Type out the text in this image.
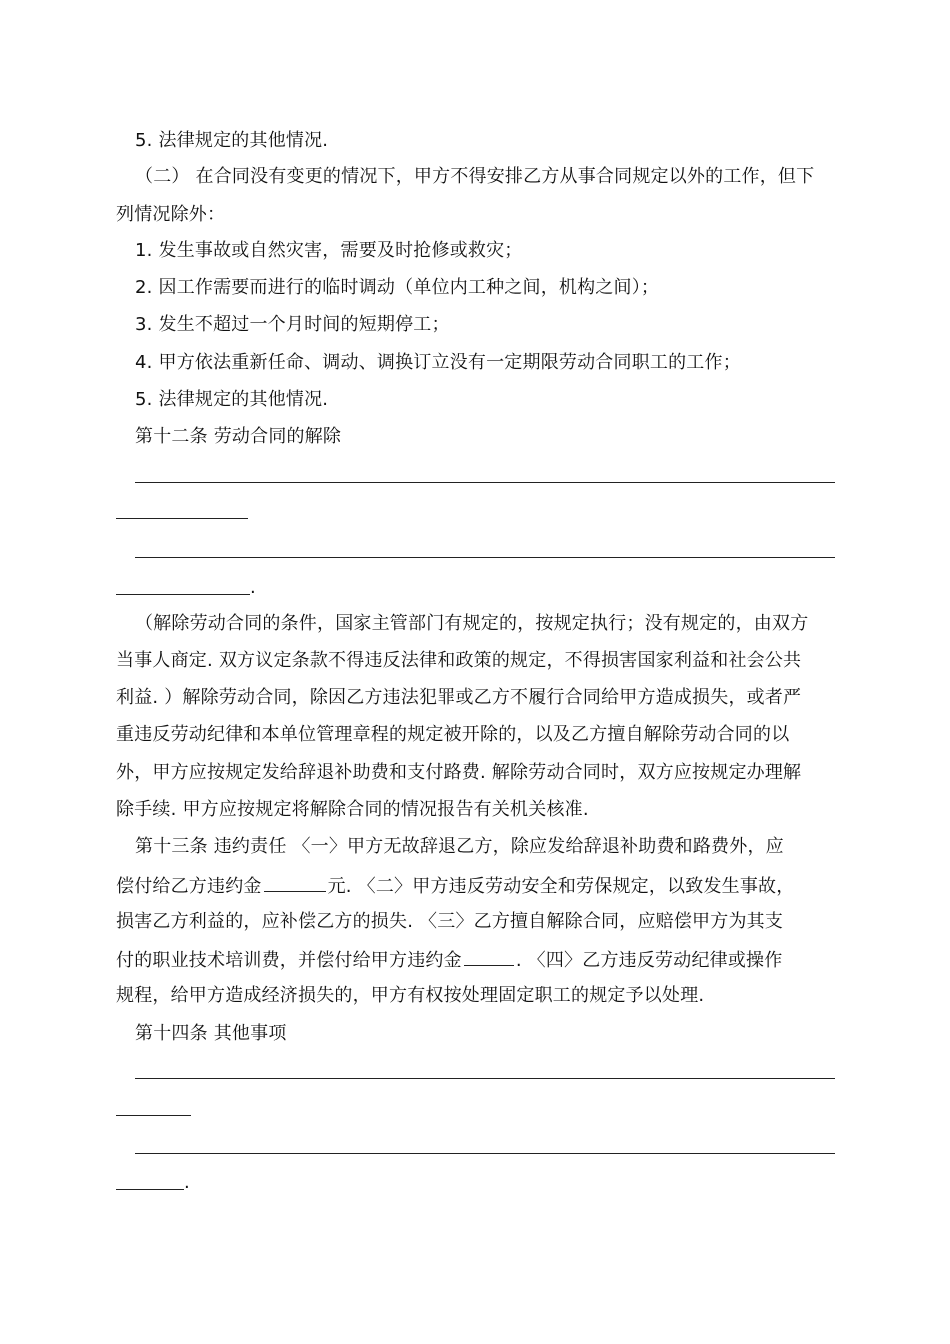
5. 法律规定的其他情况.
（二） 在合同没有变更的情况下，甲方不得安排乙方从事合同规定以外的工作，但下
列情况除外：
1. 发生事故或自然灾害，需要及时抢修或救灾；
2. 因工作需要而进行的临时调动（单位内工种之间，机构之间）；
3. 发生不超过一个月时间的短期停工；
4. 甲方依法重新任命、调动、调换订立没有一定期限劳动合同职工的工作；
5. 法律规定的其他情况.
第十二条 劳动合同的解除
.
（解除劳动合同的条件，国家主管部门有规定的，按规定执行；没有规定的，由双方
当事人商定. 双方议定条款不得违反法律和政策的规定，不得损害国家利益和社会公共
利益. ）解除劳动合同，除因乙方违法犯罪或乙方不履行合同给甲方造成损失，或者严
重违反劳动纪律和本单位管理章程的规定被开除的，以及乙方擅自解除劳动合同的以
外，甲方应按规定发给辞退补助费和支付路费. 解除劳动合同时，双方应按规定办理解
除手续. 甲方应按规定将解除合同的情况报告有关机关核准.
第十三条 违约责任 〈一〉甲方无故辞退乙方，除应发给辞退补助费和路费外，应
偿付给乙方违约金	元. 〈二〉甲方违反劳动安全和劳保规定，以致发生事故，
损害乙方利益的，应补偿乙方的损失. 〈三〉乙方擅自解除合同，应赔偿甲方为其支
付的职业技术培训费，并偿付给甲方违约金	. 〈四〉乙方违反劳动纪律或操作
规程，给甲方造成经济损失的，甲方有权按处理固定职工的规定予以处理.
第十四条 其他事项
.
